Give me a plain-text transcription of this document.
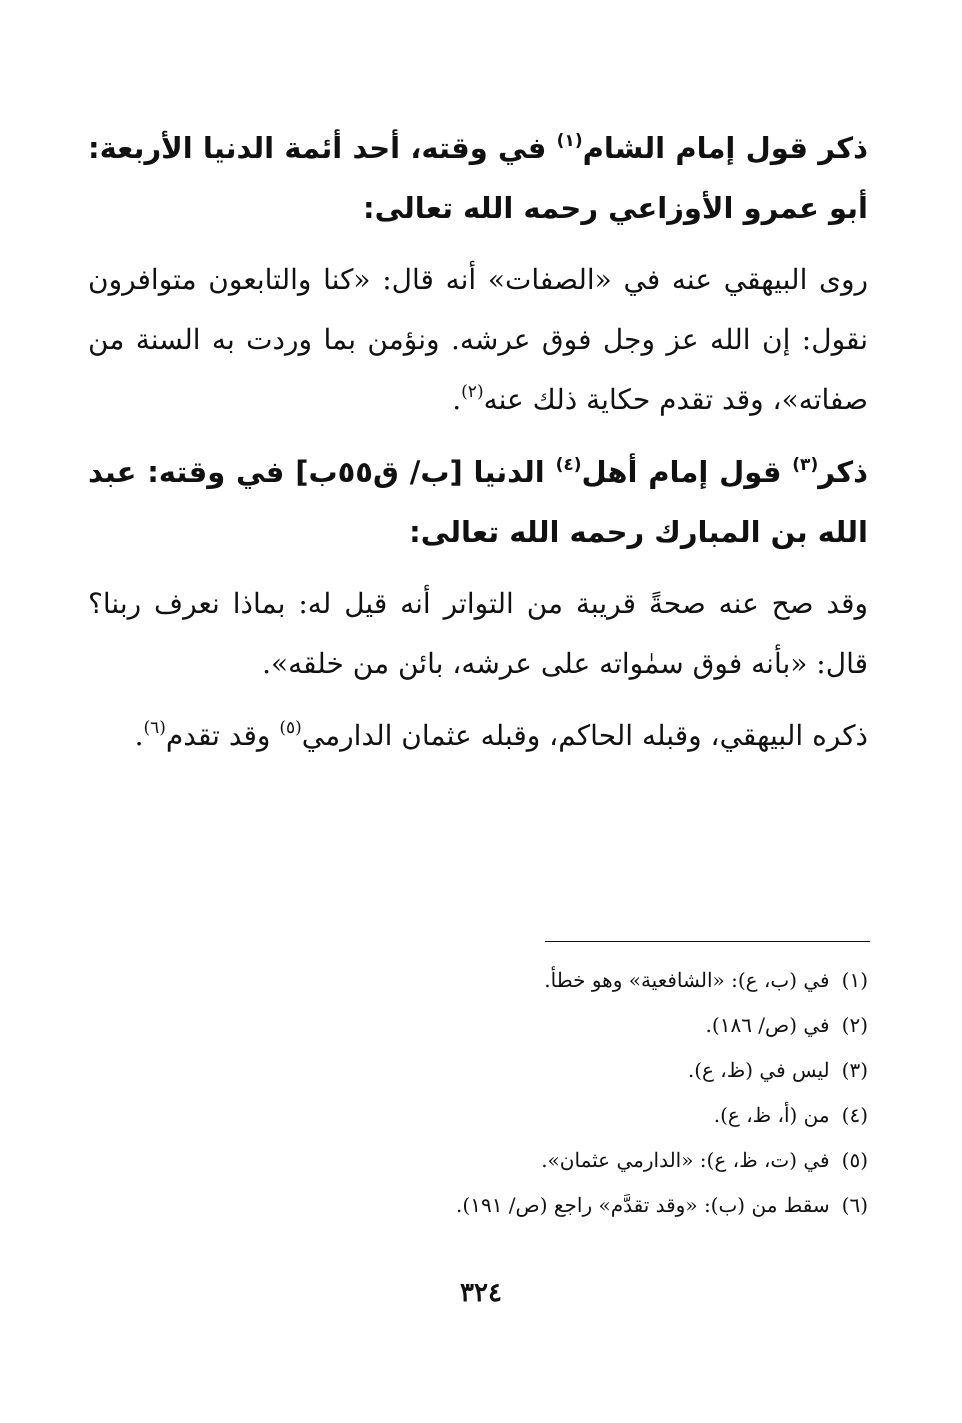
ذكر قول إمام الشام$^{(١)}$ في وقته، أحد أئمة الدنيا الأربعة: أبو عمرو الأوزاعي رحمه الله تعالى:

روى البيهقي عنه في «الصفات» أنه قال: «كنا والتابعون متوافرون نقول: إن الله عز وجل فوق عرشه. ونؤمن بما وردت به السنة من صفاته»، وقد تقدم حكاية ذلك عنه$^{(٢)}$.

ذكر$^{(٣)}$ قول إمام أهل$^{(٤)}$ الدنيا [ب/ ق٥٥ب] في وقته: عبد الله بن المبارك رحمه الله تعالى:

وقد صح عنه صحةً قريبة من التواتر أنه قيل له: بماذا نعرف ربنا؟ قال: «بأنه فوق سمٰواته على عرشه، بائن من خلقه».

ذكره البيهقي، وقبله الحاكم، وقبله عثمان الدارمي$^{(٥)}$ وقد تقدم$^{(٦)}$.

(١)في (ب، ع): «الشافعية» وهو خطأ.
(٢)في (ص/ ١٨٦).
(٣)ليس في (ظ، ع).
(٤)من (أ، ظ، ع).
(٥)في (ت، ظ، ع): «الدارمي عثمان».
(٦)سقط من (ب): «وقد تقدَّم» راجع (ص/ ١٩١).
٣٢٤
